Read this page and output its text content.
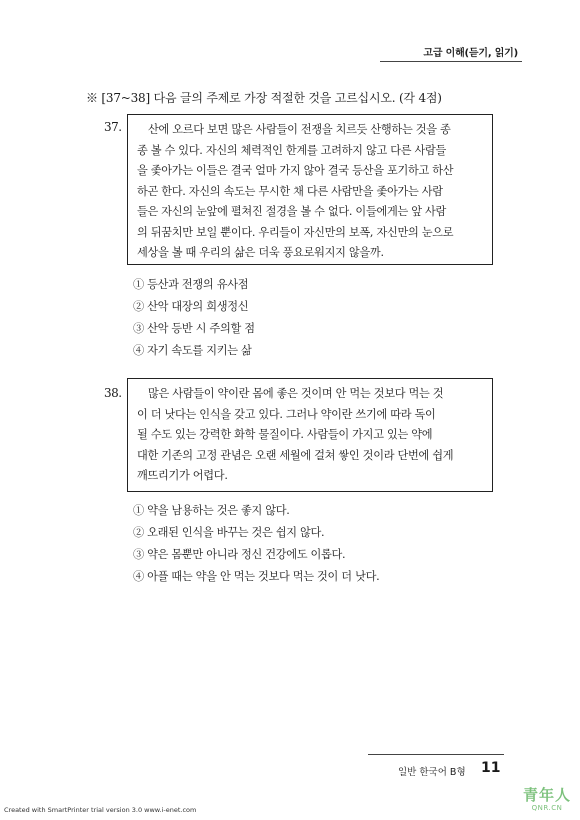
고급 이해(듣기, 읽기)
※ [37~38] 다음 글의 주제로 가장 적절한 것을 고르십시오. (각 4점)
37.	산에 오르다 보면 많은 사람들이 전쟁을 치르듯 산행하는 것을 종
종 볼 수 있다. 자신의 체력적인 한계를 고려하지 않고 다른 사람들
을 좇아가는 이들은 결국 얼마 가지 않아 결국 등산을 포기하고 하산
하곤 한다. 자신의 속도는 무시한 채 다른 사람만을 좇아가는 사람
들은 자신의 눈앞에 펼쳐진 절경을 볼 수 없다. 이들에게는 앞 사람
의 뒤꿈치만 보일 뿐이다. 우리들이 자신만의 보폭, 자신만의 눈으로
세상을 볼 때 우리의 삶은 더욱 풍요로워지지 않을까.
① 등산과 전쟁의 유사점
② 산악 대장의 희생정신
③ 산악 등반 시 주의할 점
④ 자기 속도를 지키는 삶
38.	많은 사람들이 약이란 몸에 좋은 것이며 안 먹는 것보다 먹는 것
이 더 낫다는 인식을 갖고 있다. 그러나 약이란 쓰기에 따라 독이
될 수도 있는 강력한 화학 물질이다. 사람들이 가지고 있는 약에
대한 기존의 고정 관념은 오랜 세월에 걸쳐 쌓인 것이라 단번에 쉽게
깨뜨리기가 어렵다.
① 약을 남용하는 것은 좋지 않다.
② 오래된 인식을 바꾸는 것은 쉽지 않다.
③ 약은 몸뿐만 아니라 정신 건강에도 이롭다.
④ 아플 때는 약을 안 먹는 것보다 먹는 것이 더 낫다.
일반 한국어 B형 11
Created with SmartPrinter trial version 3.0 www.i-enet.com
青年人
QNR.CN
